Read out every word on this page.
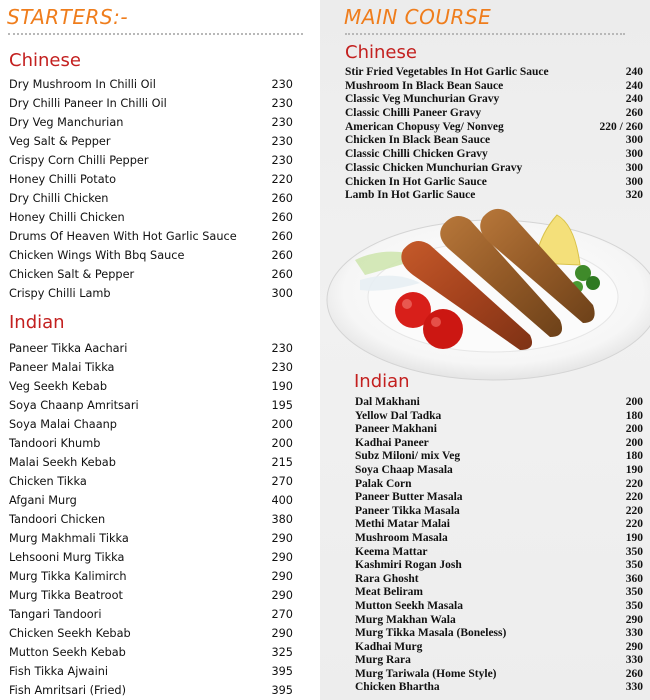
STARTERS:-
Chinese
Dry Mushroom In Chilli Oil	230
Dry Chilli Paneer In Chilli Oil	230
Dry Veg Manchurian	230
Veg Salt & Pepper	230
Crispy Corn Chilli Pepper	230
Honey Chilli Potato	220
Dry Chilli Chicken	260
Honey Chilli Chicken	260
Drums Of Heaven With Hot Garlic Sauce	260
Chicken Wings With Bbq Sauce	260
Chicken Salt & Pepper	260
Crispy Chilli Lamb	300
Indian
Paneer Tikka Aachari	230
Paneer Malai Tikka	230
Veg Seekh Kebab	190
Soya Chaanp Amritsari	195
Soya Malai Chaanp	200
Tandoori Khumb	200
Malai Seekh Kebab	215
Chicken Tikka	270
Afgani Murg	400
Tandoori Chicken	380
Murg Makhmali Tikka	290
Lehsooni Murg Tikka	290
Murg Tikka Kalimirch	290
Murg Tikka Beatroot	290
Tangari Tandoori	270
Chicken Seekh Kebab	290
Mutton Seekh Kebab	325
Fish Tikka Ajwaini	395
Fish Amritsari (Fried)	395
MAIN COURSE
Chinese
Stir Fried Vegetables In Hot Garlic Sauce	240
Mushroom In Black Bean Sauce	240
Classic Veg Munchurian Gravy	240
Classic Chilli Paneer Gravy	260
American Chopusy Veg/ Nonveg	220 / 260
Chicken In Black Bean Sauce	300
Classic Chilli Chicken Gravy	300
Classic Chicken Munchurian Gravy	300
Chicken In Hot Garlic Sauce	300
Lamb In Hot Garlic Sauce	320
Indian
Dal Makhani	200
Yellow Dal Tadka	180
Paneer Makhani	200
Kadhai Paneer	200
Subz Miloni/ mix Veg	180
Soya Chaap Masala	190
Palak Corn	220
Paneer Butter Masala	220
Paneer Tikka Masala	220
Methi Matar Malai	220
Mushroom Masala	190
Keema Mattar	350
Kashmiri Rogan Josh	350
Rara Ghosht	360
Meat Beliram	350
Mutton Seekh Masala	350
Murg Makhan Wala	290
Murg Tikka Masala (Boneless)	330
Kadhai Murg	290
Murg Rara	330
Murg Tariwala (Home Style)	260
Chicken Bhartha	330
